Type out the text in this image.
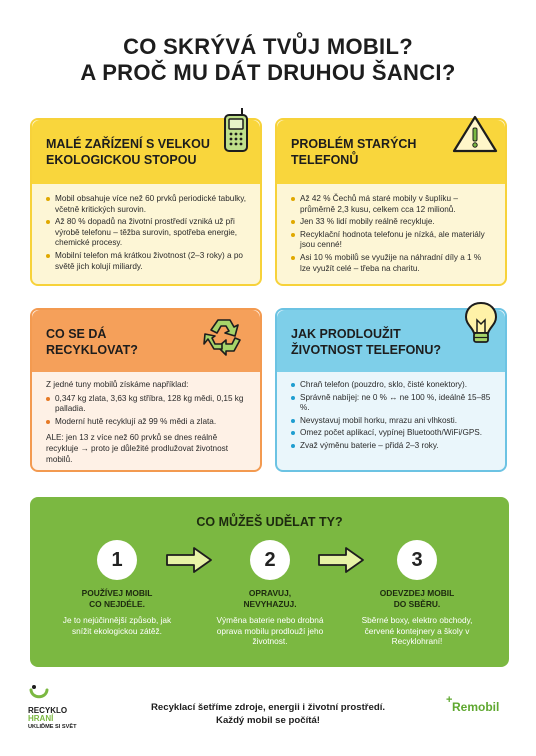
CO SKRÝVÁ TVŮJ MOBIL?
A PROČ MU DÁT DRUHOU ŠANCI?
MALÉ ZAŘÍZENÍ S VELKOU
EKOLOGICKOU STOPOU
Mobil obsahuje více než 60 prvků periodické tabulky, včetně kritických surovin.
Až 80 % dopadů na životní prostředí vzniká už při výrobě telefonu – těžba surovin, spotřeba energie, chemické procesy.
Mobilní telefon má krátkou životnost (2–3 roky) a po světě jich kolují miliardy.
PROBLÉM STARÝCH
TELEFONŮ
Až 42 % Čechů má staré mobily v šuplíku – průměrně 2,3 kusu, celkem cca 12 milionů.
Jen 33 % lidí mobily reálně recykluje.
Recyklační hodnota telefonu je nízká, ale materiály jsou cenné!
Asi 10 % mobilů se využije na náhradní díly a 1 % lze využít celé – třeba na charitu.
CO SE DÁ
RECYKLOVAT?

Z jedné tuny mobilů získáme například:

0,347 kg zlata, 3,63 kg stříbra, 128 kg mědi, 0,15 kg palladia.
Moderní hutě recyklují až 99 % mědi a zlata.

ALE: jen 13 z více než 60 prvků se dnes reálně recykluje → proto je důležité prodlužovat životnost mobilů.

JAK PRODLOUŽIT
ŽIVOTNOST TELEFONU?
Chraň telefon (pouzdro, sklo, čisté konektory).
Správně nabíjej: ne 0 % ↔ ne 100 %, ideálně 15–85 %.
Nevystavuj mobil horku, mrazu ani vlhkosti.
Omez počet aplikací, vypínej Bluetooth/WiFi/GPS.
Zvaž výměnu baterie – přidá 2–3 roky.
CO MŮŽEŠ UDĚLAT TY?
1
POUŽÍVEJ MOBIL
CO NEJDÉLE.
Je to nejúčinnější způsob, jak snížit ekologickou zátěž.
2
OPRAVUJ,
NEVYHAZUJ.
Výměna baterie nebo drobná oprava mobilu prodlouží jeho životnost.
3
ODEVZDEJ MOBIL
DO SBĚRU.
Sběrné boxy, elektro obchody, červené kontejnery a školy v Recyklohraní!
RECYKLO
HRANÍ
UKLIĎME SI SVĚT
Recyklací šetříme zdroje, energii i životní prostředí.
Každý mobil se počítá!
+ Remobil
